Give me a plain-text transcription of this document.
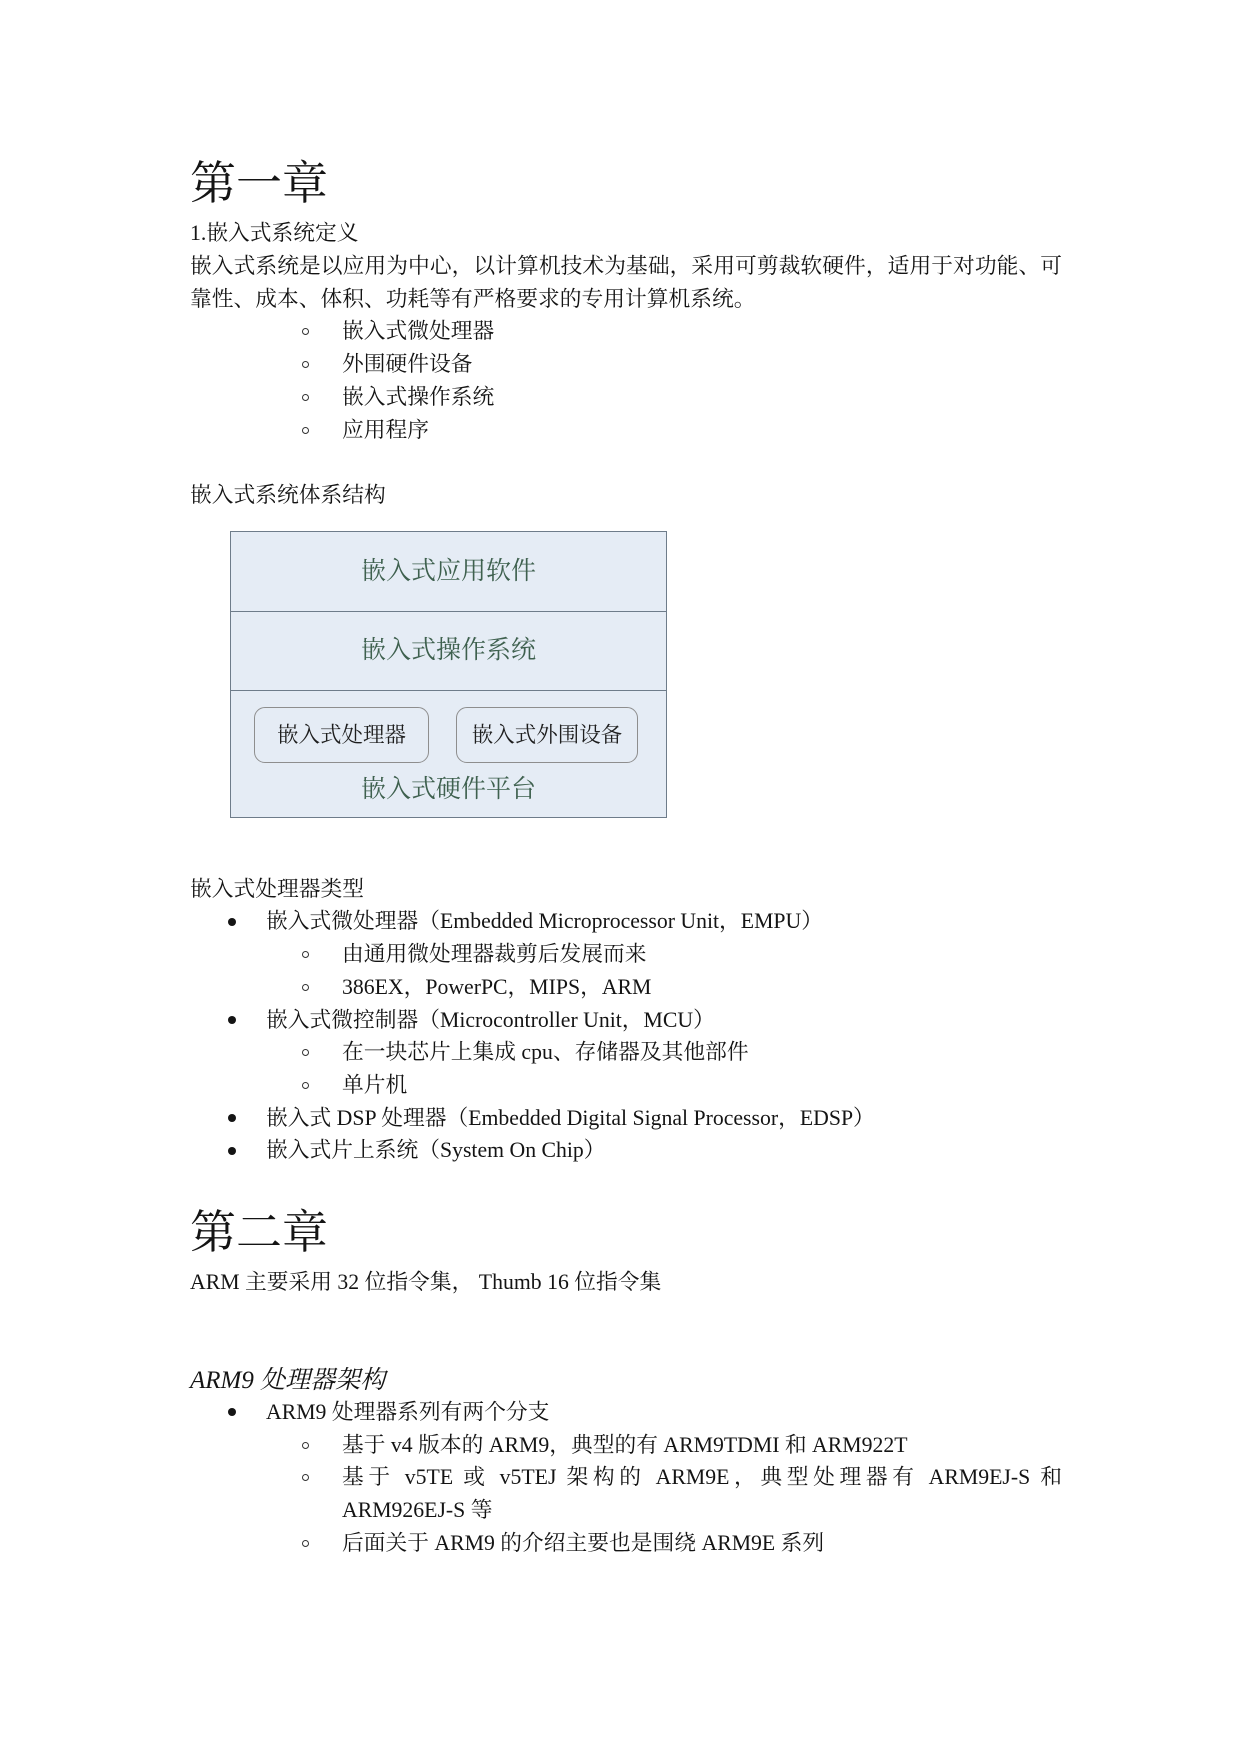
第一章
1.嵌入式系统定义

嵌入式系统是以应用为中心，以计算机技术为基础，采用可剪裁软硬件，适用于对功能、可靠性、成本、体积、功耗等有严格要求的专用计算机系统。

嵌入式微处理器
外围硬件设备
嵌入式操作系统
应用程序
嵌入式系统体系结构
嵌入式应用软件
嵌入式操作系统
嵌入式处理器	嵌入式外围设备
嵌入式硬件平台
嵌入式处理器类型
嵌入式微处理器（Embedded Microprocessor Unit，EMPU）
由通用微处理器裁剪后发展而来
386EX，PowerPC，MIPS，ARM
嵌入式微控制器（Microcontroller Unit，MCU）
在一块芯片上集成 cpu、存储器及其他部件
单片机
嵌入式 DSP 处理器（Embedded Digital Signal Processor，EDSP）
嵌入式片上系统（System On Chip）
第二章
ARM 主要采用 32 位指令集， Thumb 16 位指令集
ARM9 处理器架构
ARM9 处理器系列有两个分支
基于 v4 版本的 ARM9，典型的有 ARM9TDMI 和 ARM922T
基于 v5TE 或 v5TEJ 架构的 ARM9E，典型处理器有 ARM9EJ-S 和 ARM926EJ-S 等
后面关于 ARM9 的介绍主要也是围绕 ARM9E 系列
